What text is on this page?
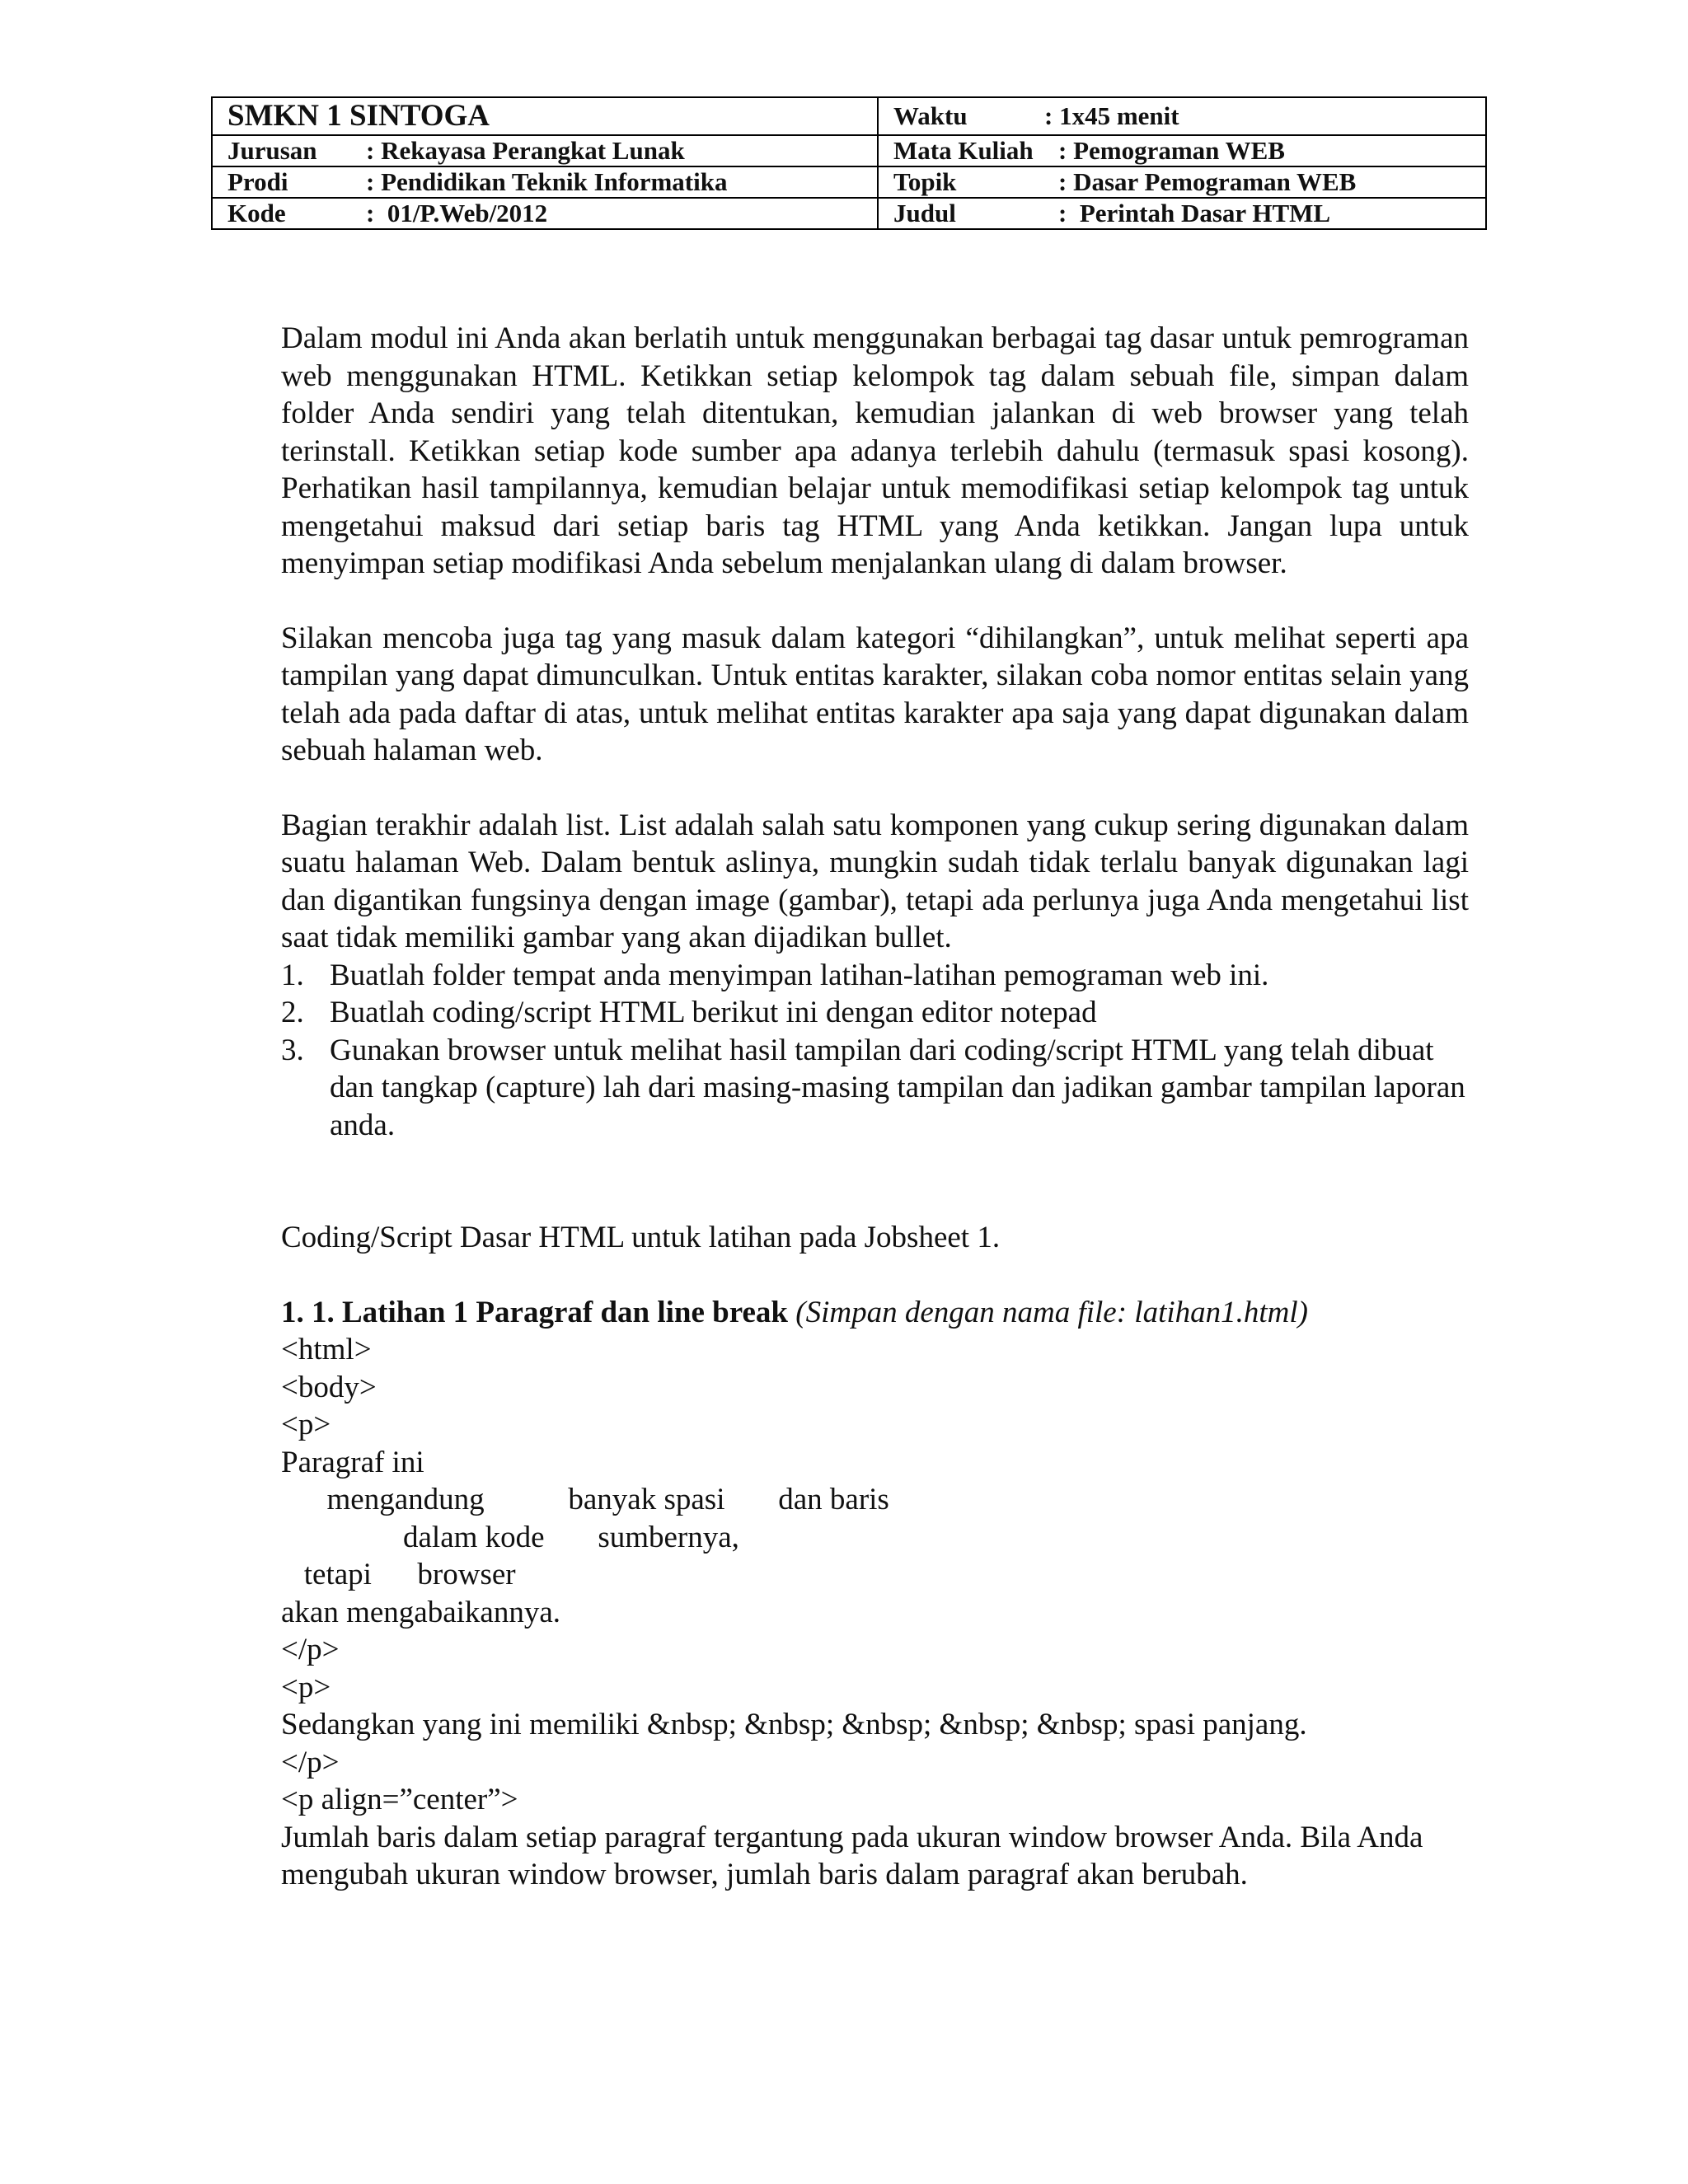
SMKN 1 SINTOGA	Waktu : 1x45 menit
Jurusan : Rekayasa Perangkat Lunak	Mata Kuliah : Pemograman WEB
Prodi : Pendidikan Teknik Informatika	Topik : Dasar Pemograman WEB
Kode :  01/P.Web/2012	Judul :  Perintah Dasar HTML

Dalam modul ini Anda akan berlatih untuk menggunakan berbagai tag dasar untuk pemrograman web menggunakan HTML. Ketikkan setiap kelompok tag dalam sebuah file, simpan dalam folder Anda sendiri yang telah ditentukan, kemudian jalankan di web browser yang telah terinstall. Ketikkan setiap kode sumber apa adanya terlebih dahulu (termasuk spasi kosong). Perhatikan hasil tampilannya, kemudian belajar untuk memodifikasi setiap kelompok tag untuk mengetahui maksud dari setiap baris tag HTML yang Anda ketikkan. Jangan lupa untuk menyimpan setiap modifikasi Anda sebelum menjalankan ulang di dalam browser.

Silakan mencoba juga tag yang masuk dalam kategori “dihilangkan”, untuk melihat seperti apa tampilan yang dapat dimunculkan. Untuk entitas karakter, silakan coba nomor entitas selain yang telah ada pada daftar di atas, untuk melihat entitas karakter apa saja yang dapat digunakan dalam sebuah halaman web.

Bagian terakhir adalah list. List adalah salah satu komponen yang cukup sering digunakan dalam suatu halaman Web. Dalam bentuk aslinya, mungkin sudah tidak terlalu banyak digunakan lagi dan digantikan fungsinya dengan image (gambar), tetapi ada perlunya juga Anda mengetahui list saat tidak memiliki gambar yang akan dijadikan bullet.

1. Buatlah folder tempat anda menyimpan latihan-latihan pemograman web ini.
2. Buatlah coding/script HTML berikut ini dengan editor notepad
3. Gunakan browser untuk melihat hasil tampilan dari coding/script HTML yang telah dibuat dan tangkap (capture) lah dari masing-masing tampilan dan jadikan gambar tampilan laporan anda.

Coding/Script Dasar HTML untuk latihan pada Jobsheet 1.

1. 1. Latihan 1 Paragraf dan line break (Simpan dengan nama file: latihan1.html)

<html>

<body>

<p>

Paragraf ini

mengandung           banyak spasi       dan baris

dalam kode       sumbernya,

tetapi      browser

akan mengabaikannya.

</p>

<p>

Sedangkan yang ini memiliki &nbsp; &nbsp; &nbsp; &nbsp; &nbsp; spasi panjang.

</p>

<p align=”center”>

Jumlah baris dalam setiap paragraf tergantung pada ukuran window browser Anda. Bila Anda mengubah ukuran window browser, jumlah baris dalam paragraf akan berubah.
